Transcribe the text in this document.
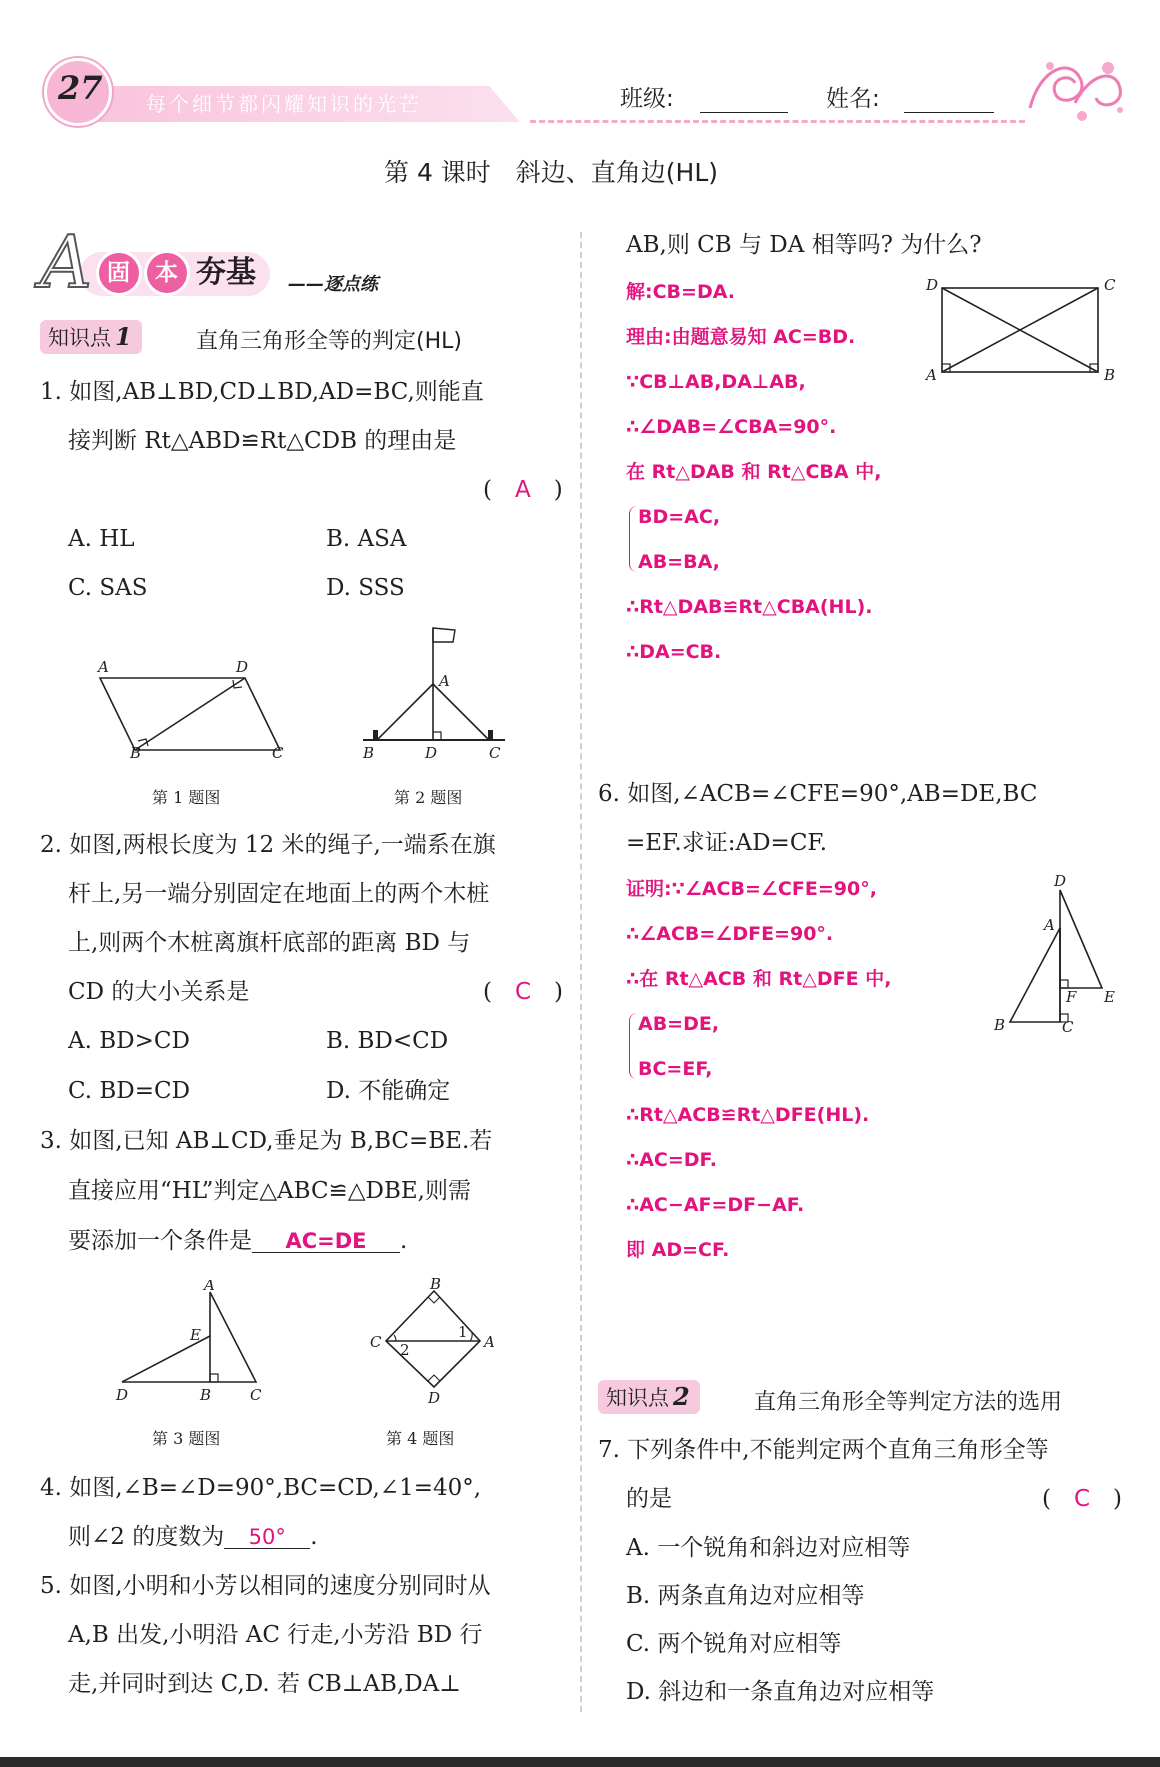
27 每个细节都闪耀知识的光芒	班级:	姓名:
第 4 课时　斜边、直角边(HL)
A 固 本 夯基 ——逐点练
知识点 1	直角三角形全等的判定(HL)
1. 如图,AB⊥BD,CD⊥BD,AD=BC,则能直
接判断 Rt△ABD≌Rt△CDB 的理由是
(　 A　 )
A. HL	B. ASA
C. SAS	D. SSS
A	D
B	C
第 1 题图
A
B	D	C
第 2 题图
2. 如图,两根长度为 12 米的绳子,一端系在旗
杆上,另一端分别固定在地面上的两个木桩
上,则两个木桩离旗杆底部的距离 BD 与
CD 的大小关系是	(　 C　 )
A. BD>CD	B. BD<CD
C. BD=CD	D. 不能确定
3. 如图,已知 AB⊥CD,垂足为 B,BC=BE.若
直接应用“HL”判定△ABC≌△DBE,则需
要添加一个条件是 AC=DE .
A
E
D	B	C
第 3 题图
B
C	A
D
2
1
第 4 题图
4. 如图,∠B=∠D=90°,BC=CD,∠1=40°,
则∠2 的度数为 50° .
5. 如图,小明和小芳以相同的速度分别同时从
A,B 出发,小明沿 AC 行走,小芳沿 BD 行
走,并同时到达 C,D. 若 CB⊥AB,DA⊥
AB,则 CB 与 DA 相等吗? 为什么?
解:CB=DA.
理由:由题意易知 AC=BD.
∵CB⊥AB,DA⊥AB,
∴∠DAB=∠CBA=90°.
在 Rt△DAB 和 Rt△CBA 中,
BD=AC,
AB=BA,
∴Rt△DAB≌Rt△CBA(HL).
∴DA=CB.
D	C
A	B
6. 如图,∠ACB=∠CFE=90°,AB=DE,BC
=EF.求证:AD=CF.
证明:∵∠ACB=∠CFE=90°,
∴∠ACB=∠DFE=90°.
∴在 Rt△ACB 和 Rt△DFE 中,
AB=DE,
BC=EF,
∴Rt△ACB≌Rt△DFE(HL).
∴AC=DF.
∴AC−AF=DF−AF.
即 AD=CF.
D
A
F E
B	C
知识点 2	直角三角形全等判定方法的选用
7. 下列条件中,不能判定两个直角三角形全等
的是	(　 C　 )
A. 一个锐角和斜边对应相等
B. 两条直角边对应相等
C. 两个锐角对应相等
D. 斜边和一条直角边对应相等
